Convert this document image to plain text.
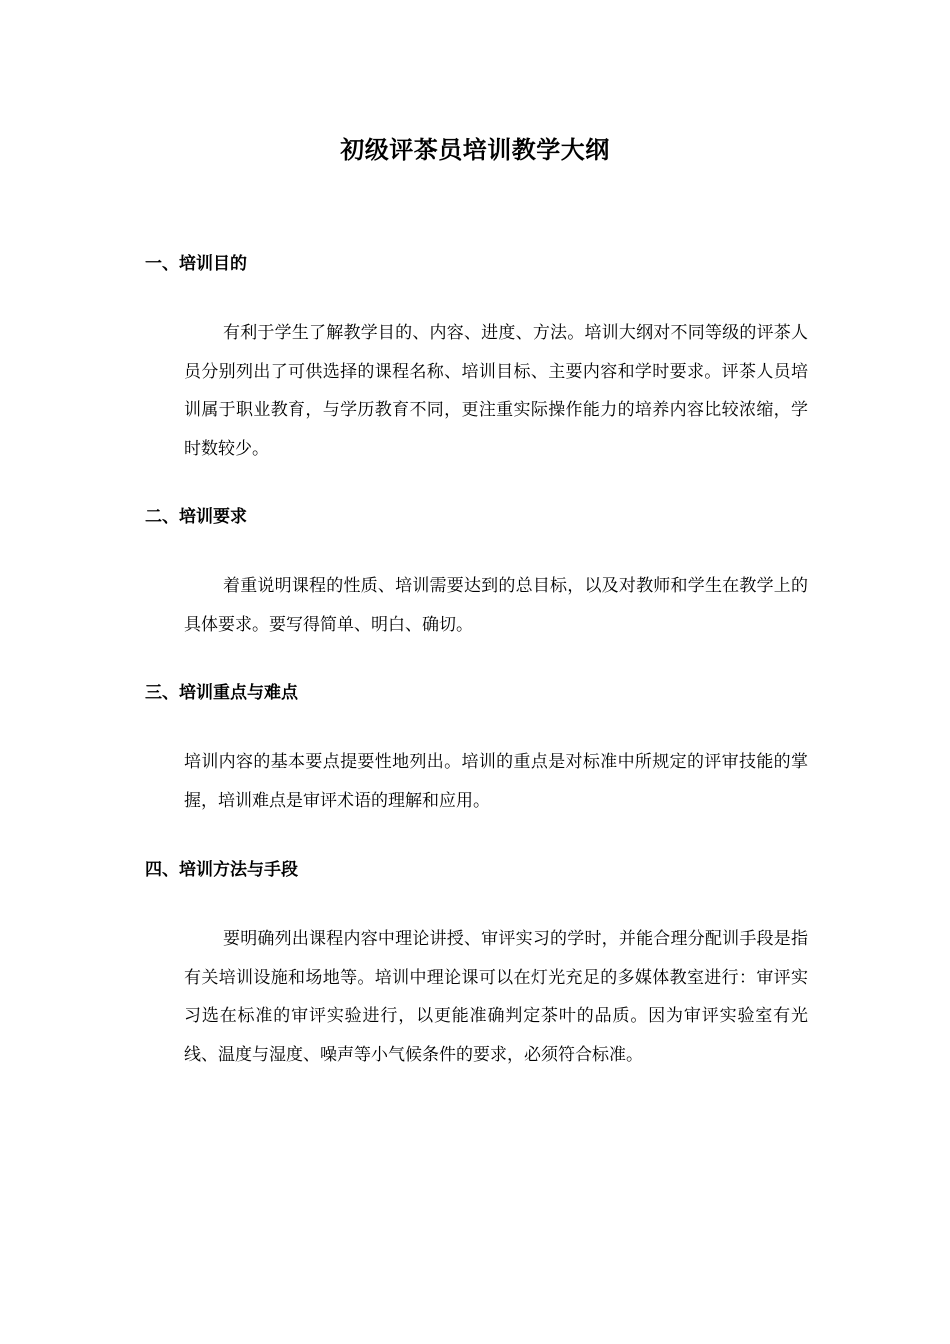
初级评茶员培训教学大纲
一、培训目的
有利于学生了解教学目的、内容、进度、方法。培训大纲对不同等级的评茶人员分别列出了可供选择的课程名称、培训目标、主要内容和学时要求。评茶人员培训属于职业教育，与学历教育不同，更注重实际操作能力的培养内容比较浓缩，学时数较少。
二、培训要求
着重说明课程的性质、培训需要达到的总目标，以及对教师和学生在教学上的具体要求。要写得简单、明白、确切。
三、培训重点与难点
培训内容的基本要点提要性地列出。培训的重点是对标准中所规定的评审技能的掌握，培训难点是审评术语的理解和应用。
四、培训方法与手段
要明确列出课程内容中理论讲授、审评实习的学时，并能合理分配训手段是指有关培训设施和场地等。培训中理论课可以在灯光充足的多媒体教室进行：审评实习选在标准的审评实验进行，以更能准确判定茶叶的品质。因为审评实验室有光线、温度与湿度、噪声等小气候条件的要求，必须符合标准。
